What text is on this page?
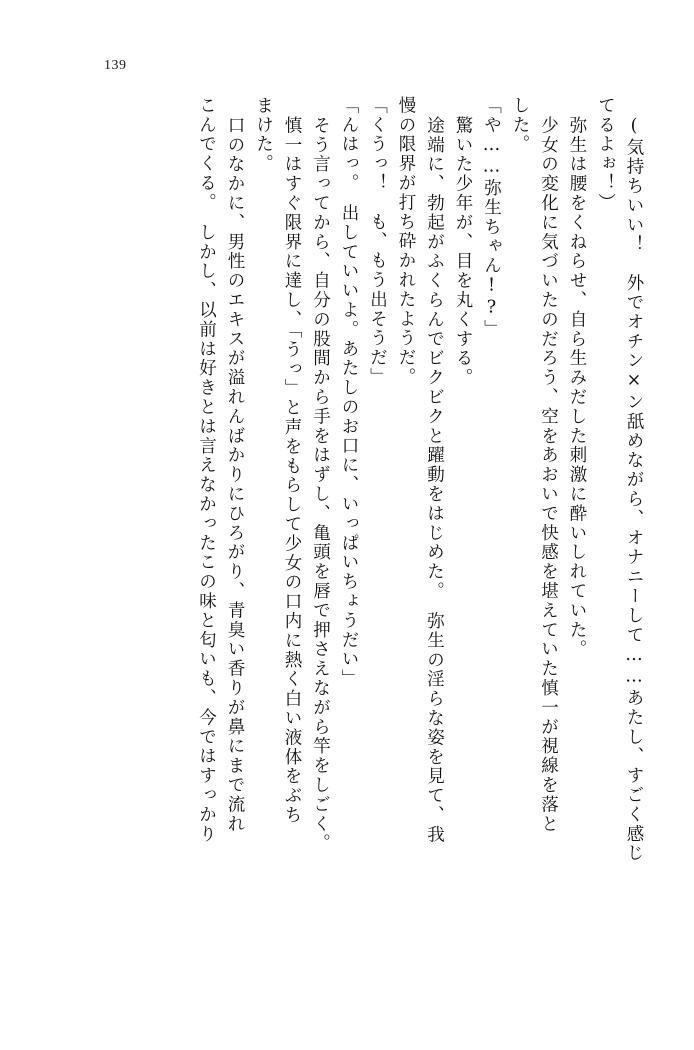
139
(気持ちいい！　外でオチン×ン舐めながら、オナニーして……あたし、すごく感じ
てるよぉ！）
弥生は腰をくねらせ、自ら生みだした刺激に酔いしれていた。
少女の変化に気づいたのだろう、空をあおいで快感を堪えていた慎一が視線を落と
した。
「や……弥生ちゃん!?」
驚いた少年が、目を丸くする。
途端に、勃起がふくらんでビクビクと躍動をはじめた。　弥生の淫らな姿を見て、我
慢の限界が打ち砕かれたようだ。
「くうっ！　も、もう出そうだ」
「んはっ。　出していいよ。あたしのお口に、いっぱいちょうだい」
そう言ってから、自分の股間から手をはずし、亀頭を唇で押さえながら竿をしごく。
慎一はすぐ限界に達し、「うっ」と声をもらして少女の口内に熱く白い液体をぶち
まけた。
口のなかに、男性のエキスが溢れんばかりにひろがり、青臭い香りが鼻にまで流れ
こんでくる。　しかし、以前は好きとは言えなかったこの味と匂いも、今ではすっかり
